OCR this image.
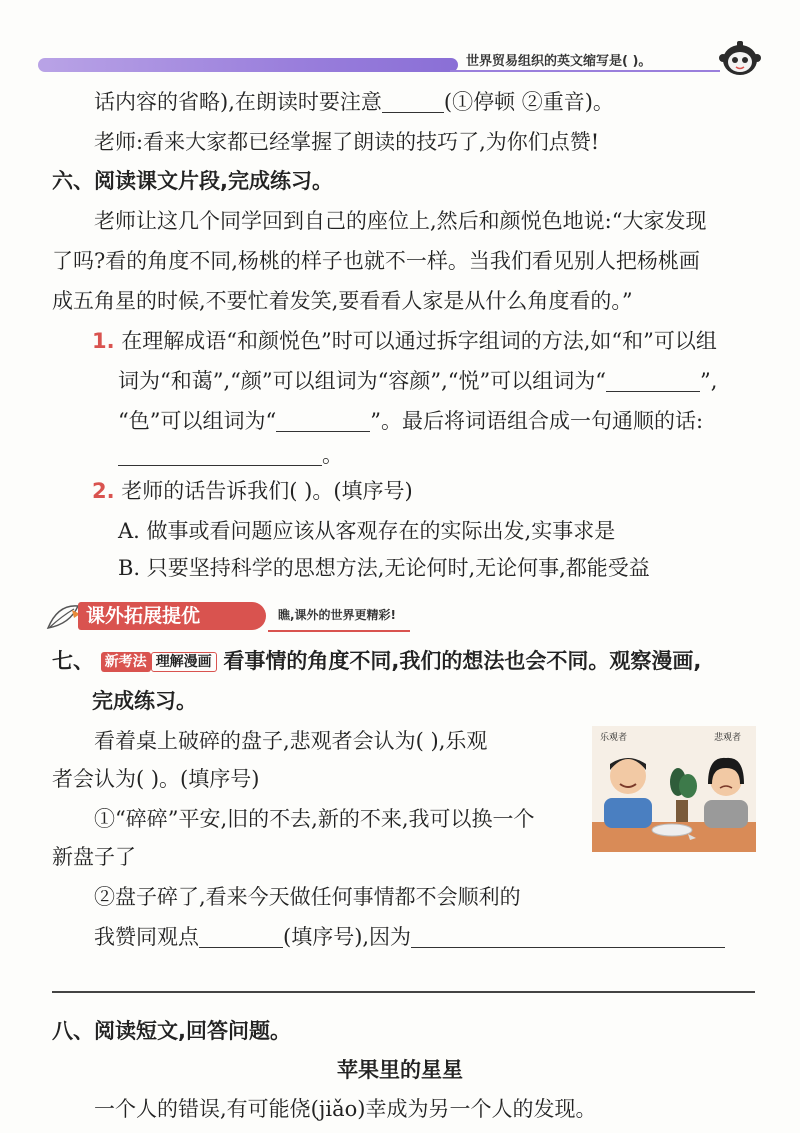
世界贸易组织的英文缩写是( )。
话内容的省略),在朗读时要注意	(①停顿 ②重音)。
老师:看来大家都已经掌握了朗读的技巧了,为你们点赞!
六、阅读课文片段,完成练习。
老师让这几个同学回到自己的座位上,然后和颜悦色地说:“大家发现
了吗?看的角度不同,杨桃的样子也就不一样。当我们看见别人把杨桃画
成五角星的时候,不要忙着发笑,要看看人家是从什么角度看的。”
1. 在理解成语“和颜悦色”时可以通过拆字组词的方法,如“和”可以组
词为“和蔼”,“颜”可以组词为“容颜”,“悦”可以组词为“	”,
“色”可以组词为“	”。最后将词语组合成一句通顺的话:
。
2. 老师的话告诉我们( )。(填序号)
A. 做事或看问题应该从客观存在的实际出发,实事求是
B. 只要坚持科学的思想方法,无论何时,无论何事,都能受益
课外拓展提优	瞧,课外的世界更精彩!
七、 新考法 理解漫画 看事情的角度不同,我们的想法也会不同。观察漫画,
完成练习。
看着桌上破碎的盘子,悲观者会认为( ),乐观
者会认为( )。(填序号)
①“碎碎”平安,旧的不去,新的不来,我可以换一个
新盘子了
②盘子碎了,看来今天做任何事情都不会顺利的
我赞同观点	(填序号),因为
乐观者	悲观者
八、阅读短文,回答问题。
苹果里的星星
一个人的错误,有可能侥(jiǎo)幸成为另一个人的发现。
